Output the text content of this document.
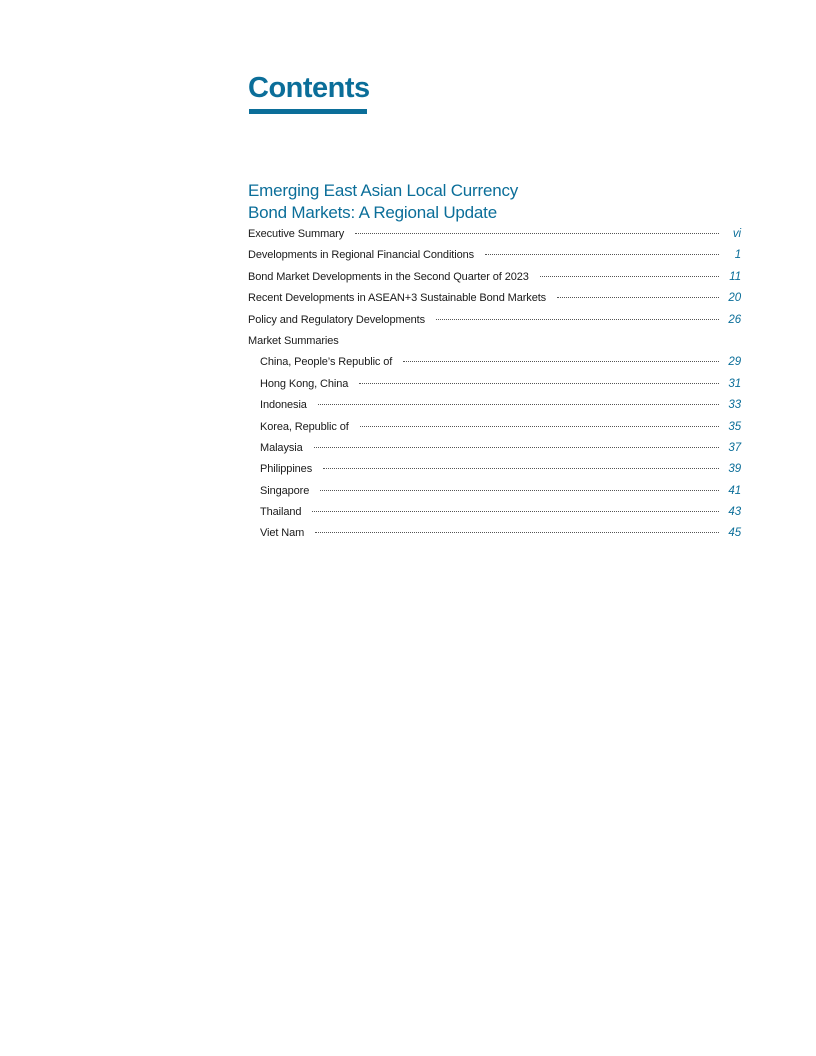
Contents
Emerging East Asian Local Currency
Bond Markets: A Regional Update
Executive Summary	vi
Developments in Regional Financial Conditions	1
Bond Market Developments in the Second Quarter of 2023	11
Recent Developments in ASEAN+3 Sustainable Bond Markets	20
Policy and Regulatory Developments	26
Market Summaries
China, People’s Republic of	29
Hong Kong, China	31
Indonesia	33
Korea, Republic of	35
Malaysia	37
Philippines	39
Singapore	41
Thailand	43
Viet Nam	45
